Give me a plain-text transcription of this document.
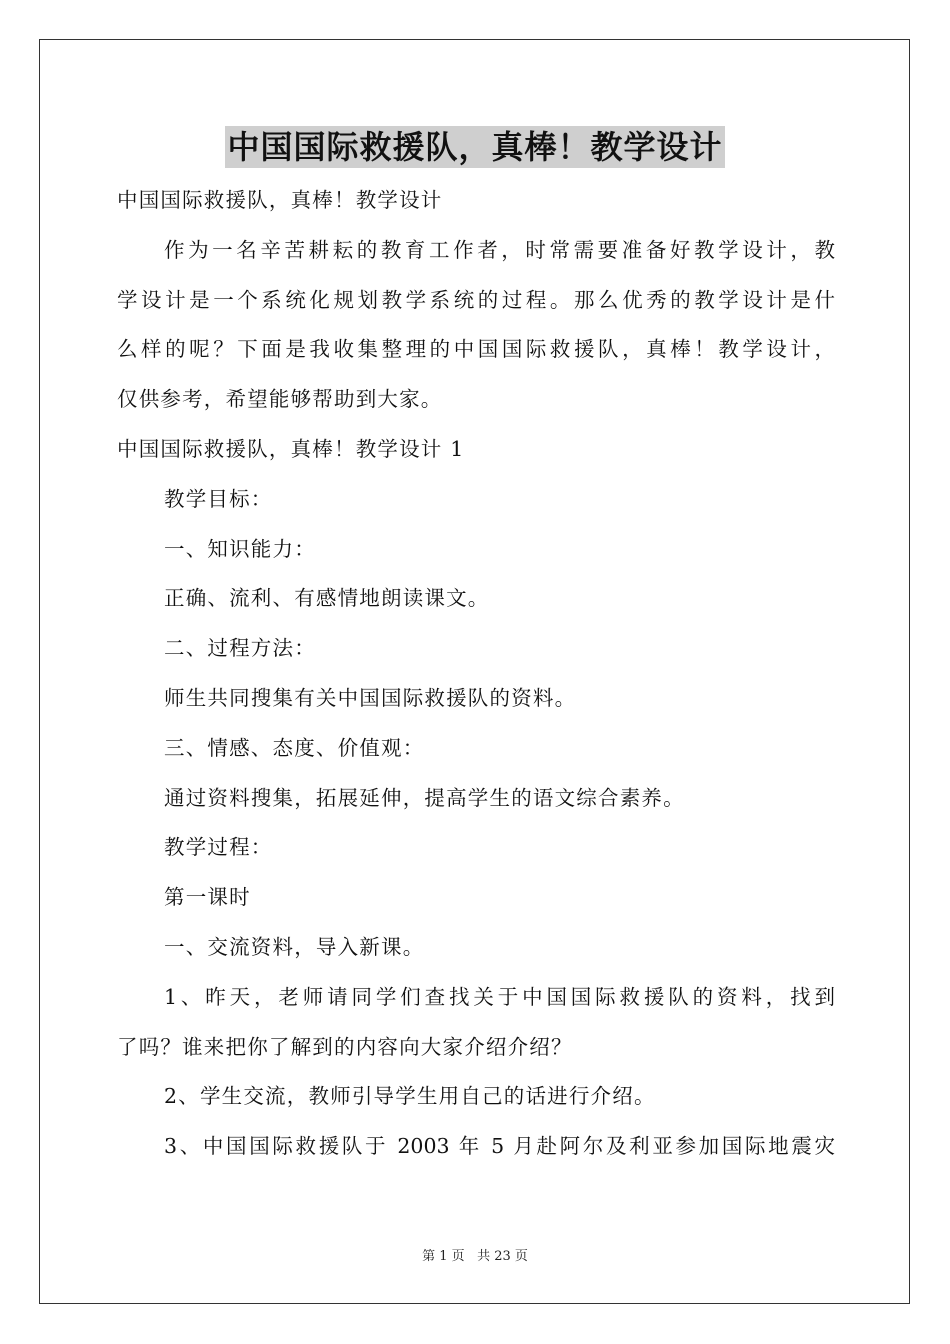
中国国际救援队，真棒！教学设计
中国国际救援队，真棒！教学设计
作为一名辛苦耕耘的教育工作者，时常需要准备好教学设计，教
学设计是一个系统化规划教学系统的过程。那么优秀的教学设计是什
么样的呢？下面是我收集整理的中国国际救援队，真棒！教学设计，
仅供参考，希望能够帮助到大家。
中国国际救援队，真棒！教学设计 1
教学目标：
一、知识能力：
正确、流利、有感情地朗读课文。
二、过程方法：
师生共同搜集有关中国国际救援队的资料。
三、情感、态度、价值观：
通过资料搜集，拓展延伸，提高学生的语文综合素养。
教学过程：
第一课时
一、交流资料，导入新课。
1、昨天，老师请同学们查找关于中国国际救援队的资料，找到
了吗？谁来把你了解到的内容向大家介绍介绍？
2、学生交流，教师引导学生用自己的话进行介绍。
3、中国国际救援队于 2003 年 5 月赴阿尔及利亚参加国际地震灾
第 1 页 共 23 页
